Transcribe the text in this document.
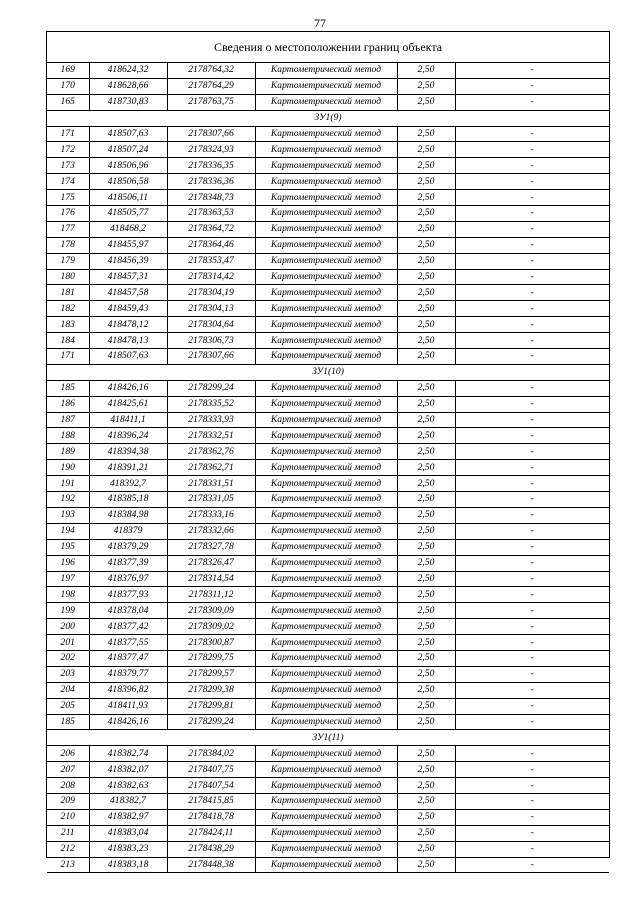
77
Сведения о местоположении границ объекта
169	418624,32	2178764,32	Картометрический метод	2,50	-
170	418628,66	2178764,29	Картометрический метод	2,50	-
165	418730,83	2178763,75	Картометрический метод	2,50	-
ЗУ1(9)					
171	418507,63	2178307,66	Картометрический метод	2,50	-
172	418507,24	2178324,93	Картометрический метод	2,50	-
173	418506,96	2178336,35	Картометрический метод	2,50	-
174	418506,58	2178336,36	Картометрический метод	2,50	-
175	418506,11	2178348,73	Картометрический метод	2,50	-
176	418505,77	2178363,53	Картометрический метод	2,50	-
177	418468,2	2178364,72	Картометрический метод	2,50	-
178	418455,97	2178364,46	Картометрический метод	2,50	-
179	418456,39	2178353,47	Картометрический метод	2,50	-
180	418457,31	2178314,42	Картометрический метод	2,50	-
181	418457,58	2178304,19	Картометрический метод	2,50	-
182	418459,43	2178304,13	Картометрический метод	2,50	-
183	418478,12	2178304,64	Картометрический метод	2,50	-
184	418478,13	2178306,73	Картометрический метод	2,50	-
171	418507,63	2178307,66	Картометрический метод	2,50	-
ЗУ1(10)					
185	418426,16	2178299,24	Картометрический метод	2,50	-
186	418425,61	2178335,52	Картометрический метод	2,50	-
187	418411,1	2178333,93	Картометрический метод	2,50	-
188	418396,24	2178332,51	Картометрический метод	2,50	-
189	418394,38	2178362,76	Картометрический метод	2,50	-
190	418391,21	2178362,71	Картометрический метод	2,50	-
191	418392,7	2178331,51	Картометрический метод	2,50	-
192	418385,18	2178331,05	Картометрический метод	2,50	-
193	418384,98	2178333,16	Картометрический метод	2,50	-
194	418379	2178332,66	Картометрический метод	2,50	-
195	418379,29	2178327,78	Картометрический метод	2,50	-
196	418377,39	2178326,47	Картометрический метод	2,50	-
197	418376,97	2178314,54	Картометрический метод	2,50	-
198	418377,93	2178311,12	Картометрический метод	2,50	-
199	418378,04	2178309,09	Картометрический метод	2,50	-
200	418377,42	2178309,02	Картометрический метод	2,50	-
201	418377,55	2178300,87	Картометрический метод	2,50	-
202	418377,47	2178299,75	Картометрический метод	2,50	-
203	418379,77	2178299,57	Картометрический метод	2,50	-
204	418396,82	2178299,38	Картометрический метод	2,50	-
205	418411,93	2178299,81	Картометрический метод	2,50	-
185	418426,16	2178299,24	Картометрический метод	2,50	-
ЗУ1(11)					
206	418382,74	2178384,02	Картометрический метод	2,50	-
207	418382,07	2178407,75	Картометрический метод	2,50	-
208	418382,63	2178407,54	Картометрический метод	2,50	-
209	418382,7	2178415,85	Картометрический метод	2,50	-
210	418382,97	2178418,78	Картометрический метод	2,50	-
211	418383,04	2178424,11	Картометрический метод	2,50	-
212	418383,23	2178438,29	Картометрический метод	2,50	-
213	418383,18	2178448,38	Картометрический метод	2,50	-
